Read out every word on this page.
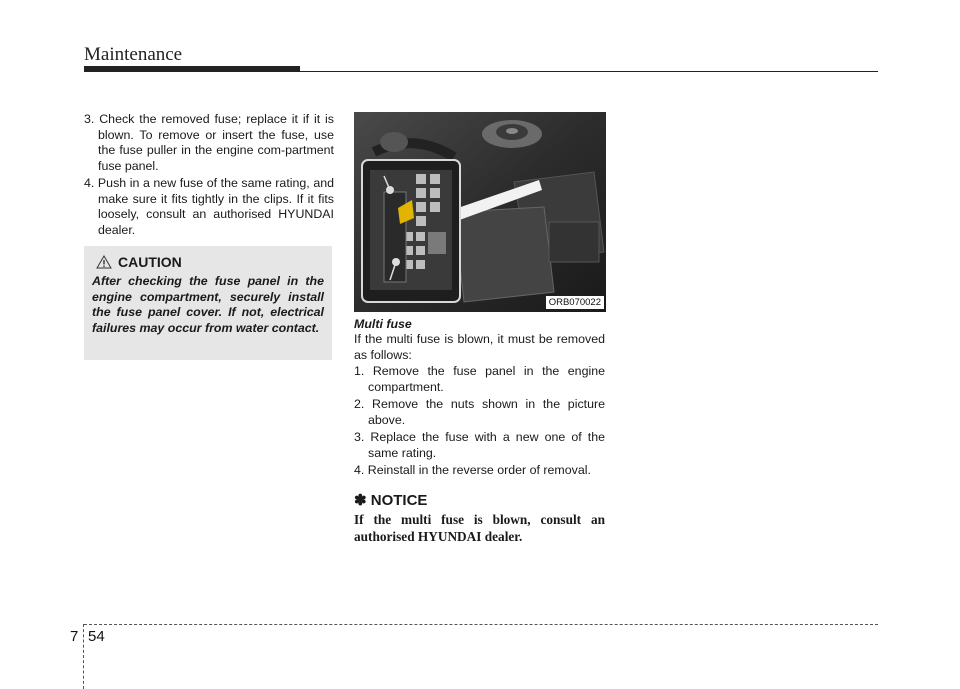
Maintenance
3. Check the removed fuse; replace it if it is blown. To remove or insert the fuse, use the fuse puller in the engine com-partment fuse panel.
4. Push in a new fuse of the same rating, and make sure it fits tightly in the clips. If it fits loosely, consult an authorised HYUNDAI dealer.
CAUTION

After checking the fuse panel in the engine compartment, securely install the fuse panel cover. If not, electrical failures may occur from water contact.

ORB070022
Multi fuse

If the multi fuse is blown, it must be removed as follows:

1. Remove the fuse panel in the engine compartment.
2. Remove the nuts shown in the picture above.
3. Replace the fuse with a new one of the same rating.
4. Reinstall in the reverse order of removal.
✽ NOTICE

If the multi fuse is blown, consult an authorised HYUNDAI dealer.

7 54
